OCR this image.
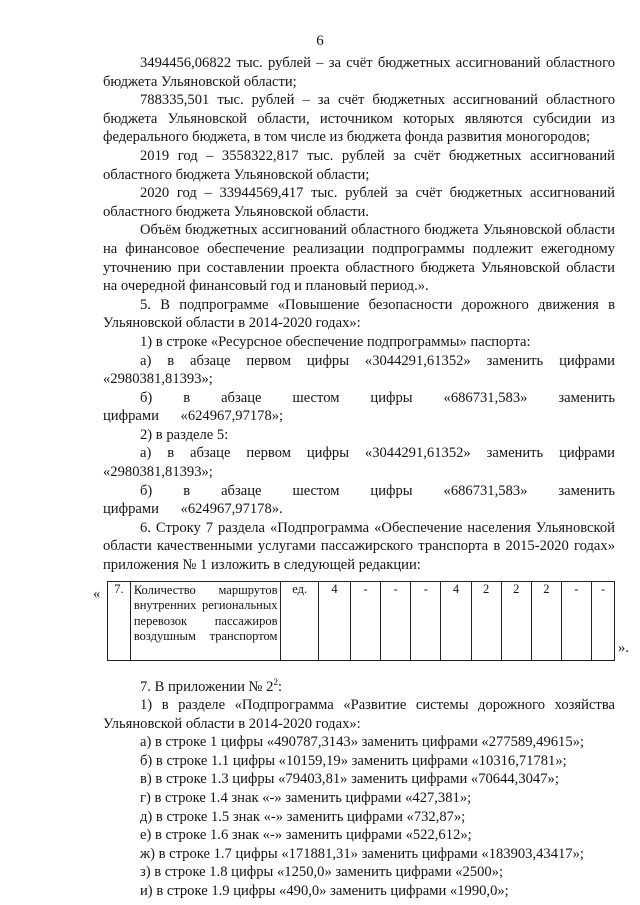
6

3494456,06822 тыс. рублей – за счёт бюджетных ассигнований областного бюджета Ульяновской области;

788335,501 тыс. рублей – за счёт бюджетных ассигнований областного бюджета Ульяновской области, источником которых являются субсидии из федерального бюджета, в том числе из бюджета фонда развития моногородов;

2019 год – 3558322,817 тыс. рублей за счёт бюджетных ассигнований областного бюджета Ульяновской области;

2020 год – 33944569,417 тыс. рублей за счёт бюджетных ассигнований областного бюджета Ульяновской области.

Объём бюджетных ассигнований областного бюджета Ульяновской области на финансовое обеспечение реализации подпрограммы подлежит ежегодному уточнению при составлении проекта областного бюджета Ульяновской области на очередной финансовый год и плановый период.».

5. В подпрограмме «Повышение безопасности дорожного движения в Ульяновской области в 2014-2020 годах»:

1) в строке «Ресурсное обеспечение подпрограммы» паспорта:

а) в абзаце первом цифры «3044291,61352» заменить цифрами «2980381,81393»;

б) в абзаце шестом цифры «686731,583» заменить цифрами «624967,97178»;

2) в разделе 5:

а) в абзаце первом цифры «3044291,61352» заменить цифрами «2980381,81393»;

б) в абзаце шестом цифры «686731,583» заменить цифрами «624967,97178».

6. Строку 7 раздела «Подпрограмма «Обеспечение населения Ульяновской области качественными услугами пассажирского транспорта в 2015-2020 годах» приложения № 1 изложить в следующей редакции:

« 7.	Количество маршрутов внутренних региональных перевозок пассажиров воздушным транспортом	ед.	4	-	-	-	4	2	2	2	-	-
».

7. В приложении № $2^2$:

1) в разделе «Подпрограмма «Развитие системы дорожного хозяйства Ульяновской области в 2014-2020 годах»:

а) в строке 1 цифры «490787,3143» заменить цифрами «277589,49615»;

б) в строке 1.1 цифры «10159,19» заменить цифрами «10316,71781»;

в) в строке 1.3 цифры «79403,81» заменить цифрами «70644,3047»;

г) в строке 1.4 знак «-» заменить цифрами «427,381»;

д) в строке 1.5 знак «-» заменить цифрами «732,87»;

е) в строке 1.6 знак «-» заменить цифрами «522,612»;

ж) в строке 1.7 цифры «171881,31» заменить цифрами «183903,43417»;

з) в строке 1.8 цифры «1250,0» заменить цифрами «2500»;

и) в строке 1.9 цифры «490,0» заменить цифрами «1990,0»;
